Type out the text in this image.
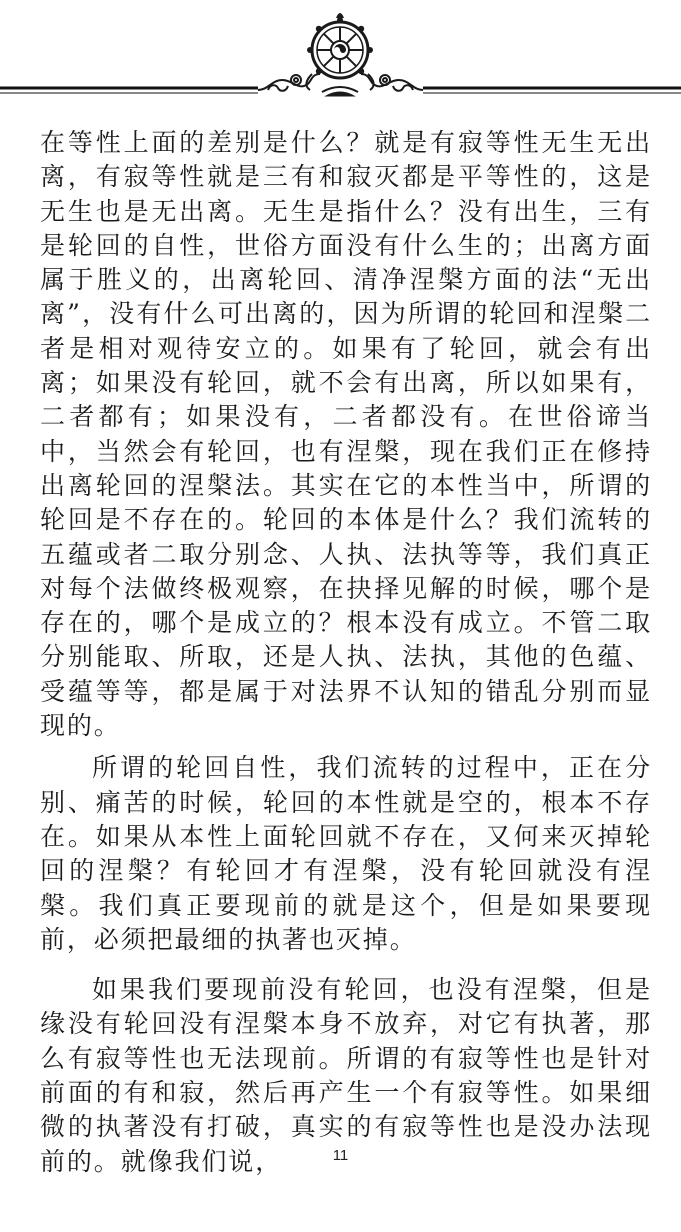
在等性上面的差别是什么？就是有寂等性无生无出离，有寂等性就是三有和寂灭都是平等性的，这是无生也是无出离。无生是指什么？没有出生，三有是轮回的自性，世俗方面没有什么生的；出离方面属于胜义的，出离轮回、清净涅槃方面的法“无出离”，没有什么可出离的，因为所谓的轮回和涅槃二者是相对观待安立的。如果有了轮回，就会有出离；如果没有轮回，就不会有出离，所以如果有，二者都有；如果没有，二者都没有。在世俗谛当中，当然会有轮回，也有涅槃，现在我们正在修持出离轮回的涅槃法。其实在它的本性当中，所谓的轮回是不存在的。轮回的本体是什么？我们流转的五蕴或者二取分别念、人执、法执等等，我们真正对每个法做终极观察，在抉择见解的时候，哪个是存在的，哪个是成立的？根本没有成立。不管二取分别能取、所取，还是人执、法执，其他的色蕴、受蕴等等，都是属于对法界不认知的错乱分别而显现的。

所谓的轮回自性，我们流转的过程中，正在分别、痛苦的时候，轮回的本性就是空的，根本不存在。如果从本性上面轮回就不存在，又何来灭掉轮回的涅槃？有轮回才有涅槃，没有轮回就没有涅槃。我们真正要现前的就是这个，但是如果要现前，必须把最细的执著也灭掉。

如果我们要现前没有轮回，也没有涅槃，但是缘没有轮回没有涅槃本身不放弃，对它有执著，那么有寂等性也无法现前。所谓的有寂等性也是针对前面的有和寂，然后再产生一个有寂等性。如果细微的执著没有打破，真实的有寂等性也是没办法现前的。就像我们说，	11
